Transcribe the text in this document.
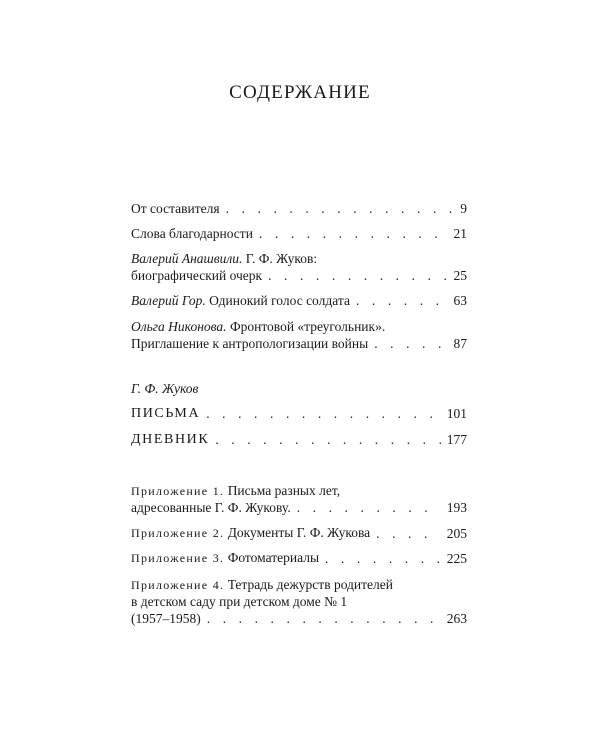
СОДЕРЖАНИЕ
От составителя . . .	9
Слова благодарности . . .	21
Валерий Анашвили. Г. Ф. Жуков:
биографический очерк . . .	25
Валерий Гор. Одинокий голос солдата . . .	63
Ольга Никонова. Фронтовой «треугольник».
Приглашение к антропологизации войны . . .	87
Г. Ф. Жуков
ПИСЬМА . . .	101
ДНЕВНИК . . .	177
Приложение 1. Письма разных лет,
адресованные Г. Ф. Жукову. . . .	193
Приложение 2. Документы Г. Ф. Жукова . . .	205
Приложение 3. Фотоматериалы . . .	225
Приложение 4. Тетрадь дежурств родителей
в детском саду при детском доме № 1
(1957–1958) . . .	263
